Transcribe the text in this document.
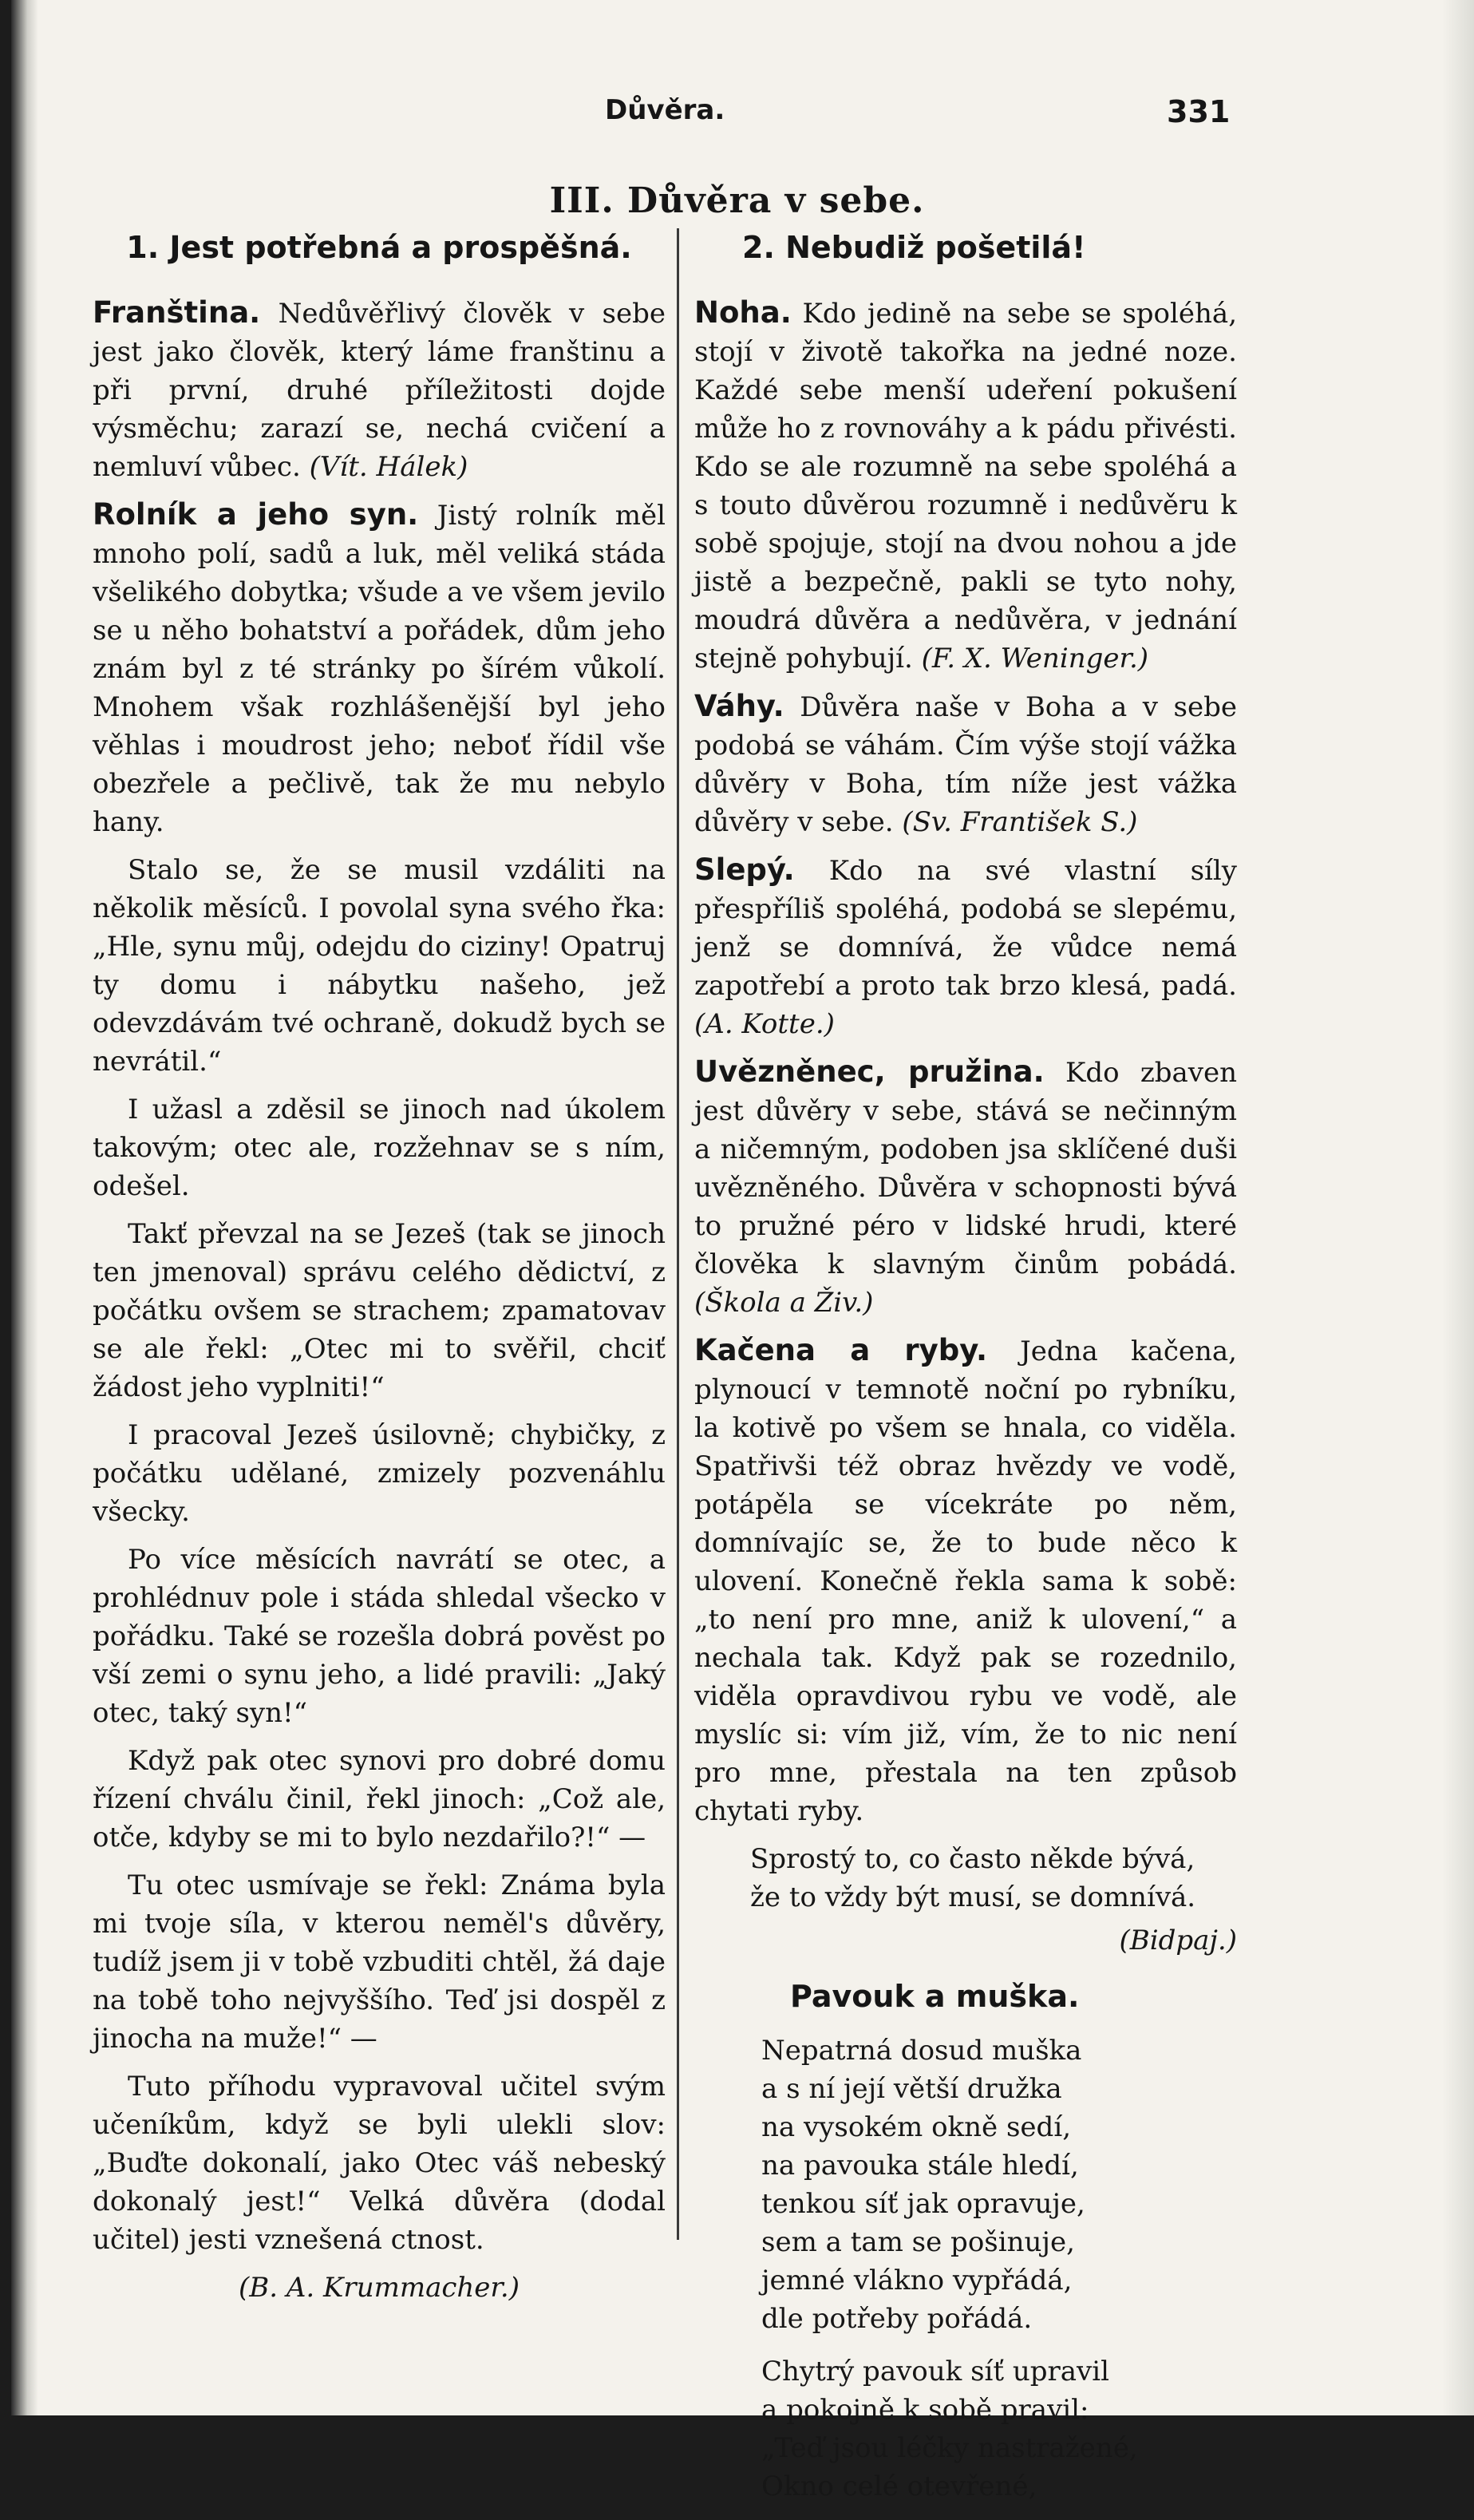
Důvěra.	331
III. Důvěra v sebe.
1. Jest potřebná a prospěšná.

Franština. Nedůvěřlivý člověk v sebe jest jako člověk, který láme franštinu a při první, druhé příležitosti dojde výsměchu; zarazí se, nechá cvičení a nemluví vůbec. (Vít. Hálek)

Rolník a jeho syn. Jistý rolník měl mnoho polí, sadů a luk, měl veliká stáda všelikého dobytka; všude a ve všem jevilo se u něho bohatství a pořádek, dům jeho znám byl z té stránky po šírém vůkolí. Mnohem však rozhlášenější byl jeho věhlas i moudrost jeho; neboť řídil vše obezřele a pečlivě, tak že mu nebylo hany.

Stalo se, že se musil vzdáliti na několik měsíců. I povolal syna svého řka: „Hle, synu můj, odejdu do ciziny! Opatruj ty domu i nábytku našeho, jež odevzdávám tvé ochraně, dokudž bych se nevrátil.“

I užasl a zděsil se jinoch nad úkolem takovým; otec ale, rozžehnav se s ním, odešel.

Takť převzal na se Jezeš (tak se jinoch ten jmenoval) správu celého dědictví, z počátku ovšem se strachem; zpamatovav se ale řekl: „Otec mi to svěřil, chciť žádost jeho vyplniti!“

I pracoval Jezeš úsilovně; chybičky, z počátku udělané, zmizely pozvenáhlu všecky.

Po více měsících navrátí se otec, a prohlédnuv pole i stáda shledal všecko v pořádku. Také se rozešla dobrá pověst po vší zemi o synu jeho, a lidé pravili: „Jaký otec, taký syn!“

Když pak otec synovi pro dobré domu řízení chválu činil, řekl jinoch: „Což ale, otče, kdyby se mi to bylo nezdařilo?!“ —

Tu otec usmívaje se řekl: Známa byla mi tvoje síla, v kterou neměl's důvěry, tudíž jsem ji v tobě vzbuditi chtěl, žá daje na tobě toho nejvyššího. Teď jsi dospěl z jinocha na muže!“ —

Tuto příhodu vypravoval učitel svým učeníkům, když se byli ulekli slov: „Buďte dokonalí, jako Otec váš nebeský dokonalý jest!“ Velká důvěra (dodal učitel) jesti vznešená ctnost.

(B. A. Krummacher.)
2. Nebudiž pošetilá!

Noha. Kdo jedině na sebe se spoléhá, stojí v životě takořka na jedné noze. Každé sebe menší udeření pokušení může ho z rovnováhy a k pádu přivésti. Kdo se ale rozumně na sebe spoléhá a s touto důvěrou rozumně i nedůvěru k sobě spojuje, stojí na dvou nohou a jde jistě a bezpečně, pakli se tyto nohy, moudrá důvěra a nedůvěra, v jednání stejně pohybují. (F. X. Weninger.)

Váhy. Důvěra naše v Boha a v sebe podobá se váhám. Čím výše stojí vážka důvěry v Boha, tím níže jest vážka důvěry v sebe. (Sv. František S.)

Slepý. Kdo na své vlastní síly přespříliš spoléhá, podobá se slepému, jenž se domnívá, že vůdce nemá zapotřebí a proto tak brzo klesá, padá. (A. Kotte.)

Uvězněnec, pružina. Kdo zbaven jest důvěry v sebe, stává se nečinným a ničemným, podoben jsa sklíčené duši uvězněného. Důvěra v schopnosti bývá to pružné péro v lidské hrudi, které člověka k slavným činům pobádá. (Škola a Živ.)

Kačena a ryby. Jedna kačena, plynoucí v temnotě noční po rybníku, la kotivě po všem se hnala, co viděla. Spatřivši též obraz hvězdy ve vodě, potápěla se vícekráte po něm, domnívajíc se, že to bude něco k ulovení. Konečně řekla sama k sobě: „to není pro mne, aniž k ulovení,“ a nechala tak. Když pak se rozednilo, viděla opravdivou rybu ve vodě, ale myslíc si: vím již, vím, že to nic není pro mne, přestala na ten způsob chytati ryby.

Sprostý to, co často někde bývá,
že to vždy být musí, se domnívá.
(Bidpaj.)
Pavouk a muška.
Nepatrná dosud muška
a s ní její větší družka
na vysokém okně sedí,
na pavouka stále hledí,
tenkou síť jak opravuje,
sem a tam se pošinuje,
jemné vlákno vypřádá,
dle potřeby pořádá.
Chytrý pavouk síť upravil
a pokojně k sobě pravil:
„Teď jsou léčky nastražené,
Okno celé otevřené,
